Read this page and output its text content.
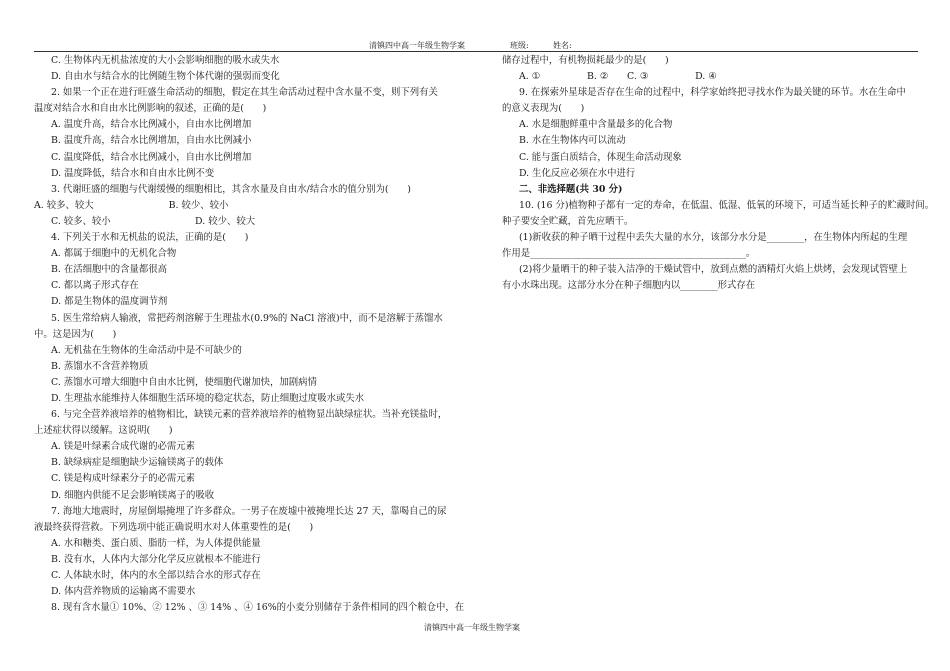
清镇四中高一年级生物学案	班级:	姓名:
C. 生物体内无机盐浓度的大小会影响细胞的吸水或失水
D. 自由水与结合水的比例随生物个体代谢的强弱而变化
2. 如果一个正在进行旺盛生命活动的细胞，假定在其生命活动过程中含水量不变，则下列有关
温度对结合水和自由水比例影响的叙述，正确的是(　　)
A. 温度升高，结合水比例减小，自由水比例增加
B. 温度升高，结合水比例增加，自由水比例减小
C. 温度降低，结合水比例减小，自由水比例增加
D. 温度降低，结合水和自由水比例不变
3. 代谢旺盛的细胞与代谢缓慢的细胞相比，其含水量及自由水/结合水的值分别为(　　)
A. 较多、较大　　　　　　　　B. 较少、较小
C. 较多、较小　　　　　　　　　D. 较少、较大
4. 下列关于水和无机盐的说法，正确的是(　　)
A. 都属于细胞中的无机化合物
B. 在活细胞中的含量都很高
C. 都以离子形式存在
D. 都是生物体的温度调节剂
5. 医生常给病人输液，常把药剂溶解于生理盐水(0.9%的 NaCl 溶液)中，而不是溶解于蒸馏水
中。这是因为(　　)
A. 无机盐在生物体的生命活动中是不可缺少的
B. 蒸馏水不含营养物质
C. 蒸馏水可增大细胞中自由水比例，使细胞代谢加快，加剧病情
D. 生理盐水能维持人体细胞生活环境的稳定状态，防止细胞过度吸水或失水
6. 与完全营养液培养的植物相比，缺镁元素的营养液培养的植物显出缺绿症状。当补充镁盐时，
上述症状得以缓解。这说明(　　)
A. 镁是叶绿素合成代谢的必需元素
B. 缺绿病症是细胞缺少运输镁离子的载体
C. 镁是构成叶绿素分子的必需元素
D. 细胞内供能不足会影响镁离子的吸收
7. 海地大地震时，房屋倒塌掩埋了许多群众。一男子在废墟中被掩埋长达 27 天，靠喝自己的尿
液最终获得营救。下列选项中能正确说明水对人体重要性的是(　　)
A. 水和糖类、蛋白质、脂肪一样，为人体提供能量
B. 没有水，人体内大部分化学反应就根本不能进行
C. 人体缺水时，体内的水全部以结合水的形式存在
D. 体内营养物质的运输离不需要水
8. 现有含水量① 10%、② 12% 、③ 14% 、④ 16%的小麦分别储存于条件相同的四个粮仓中，在
储存过程中，有机物损耗最少的是(　　)
A. ①　　　　　B. ②　　C. ③　　　　　D. ④
9. 在探索外星球是否存在生命的过程中，科学家始终把寻找水作为最关键的环节。水在生命中
的意义表现为(　　)
A. 水是细胞鲜重中含量最多的化合物
B. 水在生物体内可以流动
C. 能与蛋白质结合，体现生命活动现象
D. 生化反应必须在水中进行
二、非选择题(共 30 分)
10. (16 分)植物种子都有一定的寿命，在低温、低湿、低氧的环境下，可适当延长种子的贮藏时间。
种子要安全贮藏，首先应晒干。
(1)新收获的种子晒干过程中丢失大量的水分，该部分水分是________，在生物体内所起的生理
作用是______________________________________________。
(2)将少量晒干的种子装入洁净的干燥试管中，放到点燃的酒精灯火焰上烘烤，会发现试管壁上
有小水珠出现。这部分水分在种子细胞内以________形式存在
清镇四中高一年级生物学案
